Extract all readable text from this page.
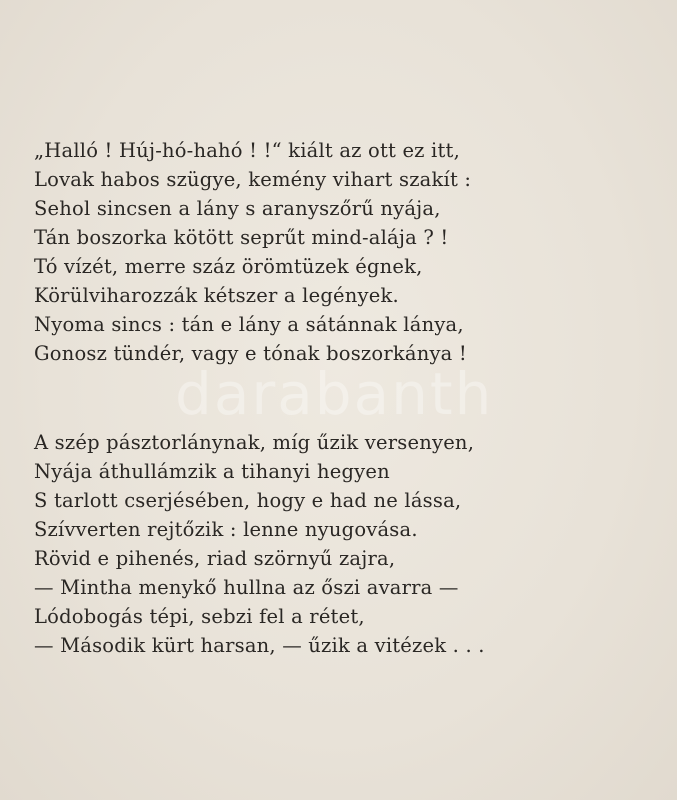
darabanth
„Halló ! Húj-hó-hahó ! !“ kiált az ott ez itt,
Lovak habos szügye, kemény vihart szakít :
Sehol sincsen a lány s aranyszőrű nyája,
Tán boszorka kötött seprűt mind-alája ? !
Tó vízét, merre száz örömtüzek égnek,
Körülviharozzák kétszer a legények.
Nyoma sincs : tán e lány a sátánnak lánya,
Gonosz tündér, vagy e tónak boszorkánya !
A szép pásztorlánynak, míg űzik versenyen,
Nyája áthullámzik a tihanyi hegyen
S tarlott cserjésében, hogy e had ne lássa,
Szívverten rejtőzik : lenne nyugovása.
Rövid e pihenés, riad szörnyű zajra,
— Mintha menykő hullna az őszi avarra —
Lódobogás tépi, sebzi fel a rétet,
— Második kürt harsan, — űzik a vitézek . . .
